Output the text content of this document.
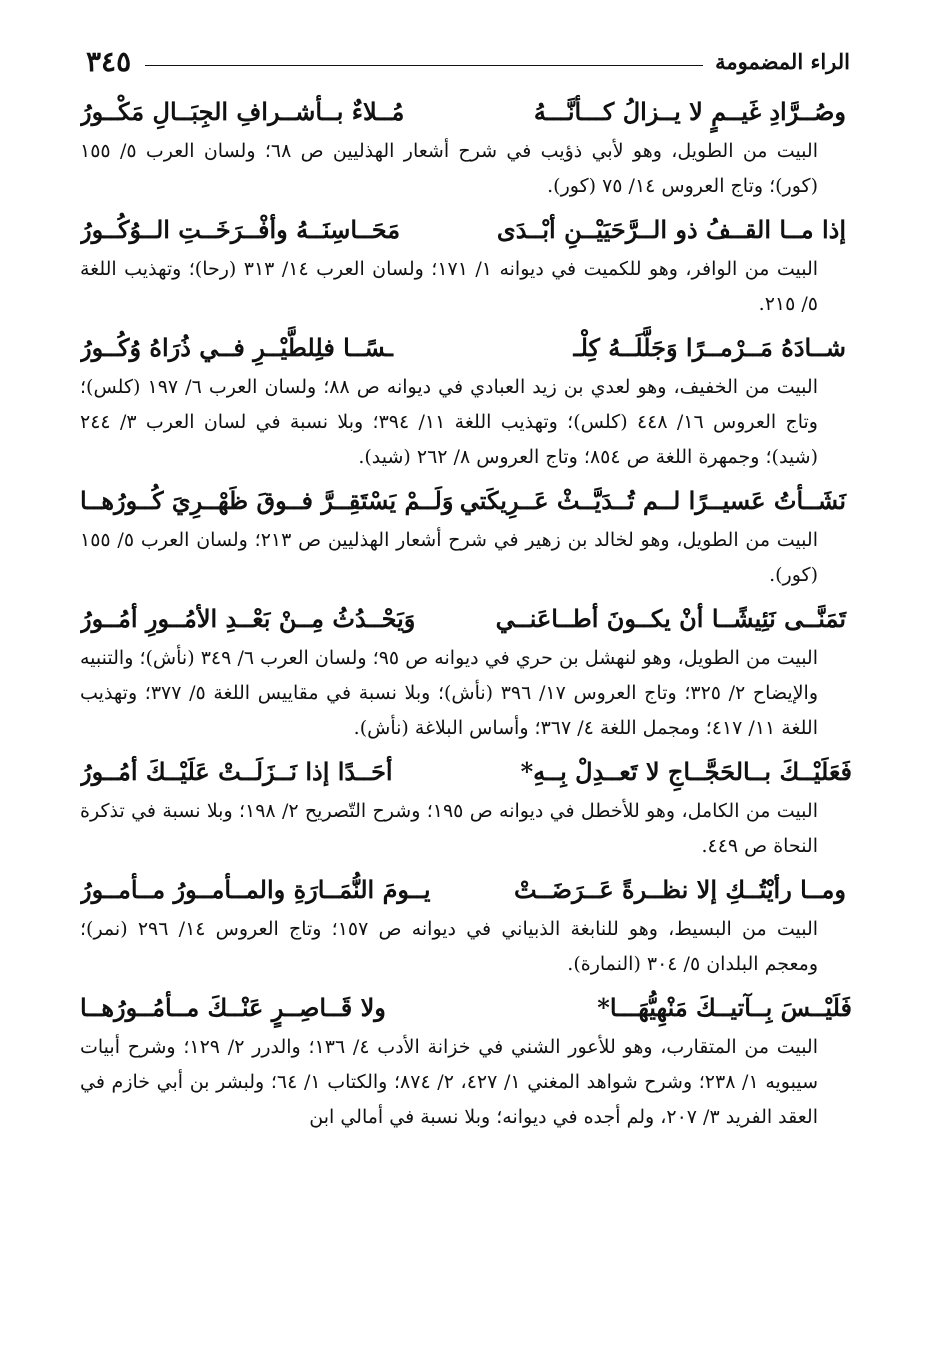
الراء المضمومة
٣٤٥
وصُــرَّادِ غَيــمٍ لا يــزالُ كـــأنَّـــهُ
مُــلاءٌ بــأشــرافِ الجِبَــالِ مَكْــورُ
البيت من الطويل، وهو لأبي ذؤيب في شرح أشعار الهذليين ص ٦٨؛ ولسان العرب ٥/ ١٥٥ (كور)؛ وتاج العروس ١٤/ ٧٥ (كور).
إذا مــا القــفُ ذو الــرَّحَيَيْــنِ أبْــدَى
مَحَــاسِنَــهُ وأفْــرَخَــتِ الــوُكُــورُ
البيت من الوافر، وهو للكميت في ديوانه ١/ ١٧١؛ ولسان العرب ١٤/ ٣١٣ (رحا)؛ وتهذيب اللغة ٥/ ٢١٥.
شــادَهُ مَــرْمــرًا وَجَلَّلَــهُ كِلْـ
ـسًــا فلِلطَّيْــرِ فــي ذُرَاهُ وُكُــورُ
البيت من الخفيف، وهو لعدي بن زيد العبادي في ديوانه ص ٨٨؛ ولسان العرب ٦/ ١٩٧ (كلس)؛ وتاج العروس ١٦/ ٤٤٨ (كلس)؛ وتهذيب اللغة ١١/ ٣٩٤؛ وبلا نسبة في لسان العرب ٣/ ٢٤٤ (شيد)؛ وجمهرة اللغة ص ٨٥٤؛ وتاج العروس ٨/ ٢٦٢ (شيد).
نَشَــأتُ عَسيــرًا لــم تُــدَيَّــثْ عَــرِيكَتي
وَلَــمْ يَسْتَقِــرَّ فــوقَ ظَهْــرِيَ كُــورُهــا
البيت من الطويل، وهو لخالد بن زهير في شرح أشعار الهذليين ص ٢١٣؛ ولسان العرب ٥/ ١٥٥ (كور).
تَمَنَّــى نَئِيشًــا أنْ يكــونَ أطــاعَنــي
وَيَحْــدُثُ مِــنْ بَعْــدِ الأمُــورِ أمُــورُ
البيت من الطويل، وهو لنهشل بن حري في ديوانه ص ٩٥؛ ولسان العرب ٦/ ٣٤٩ (نأش)؛ والتنبيه والإيضاح ٢/ ٣٢٥؛ وتاج العروس ١٧/ ٣٩٦ (نأش)؛ وبلا نسبة في مقاييس اللغة ٥/ ٣٧٧؛ وتهذيب اللغة ١١/ ٤١٧؛ ومجمل اللغة ٤/ ٣٦٧؛ وأساس البلاغة (نأش).
*فَعَلَيْــكَ بــالحَجَّــاجِ لا تَعــدِلْ بِــهِ
أحَــدًا إذا نَــزَلَــتْ عَلَيْــكَ أمُــورُ
البيت من الكامل، وهو للأخطل في ديوانه ص ١٩٥؛ وشرح التّصريح ٢/ ١٩٨؛ وبلا نسبة في تذكرة النحاة ص ٤٤٩.
ومــا رأيْتُــكِ إلا نظــرةً عَــرَضَــتْ
يــومَ النُّمَــارَةِ والمــأمــورُ مــأمــورُ
البيت من البسيط، وهو للنابغة الذبياني في ديوانه ص ١٥٧؛ وتاج العروس ١٤/ ٢٩٦ (نمر)؛ ومعجم البلدان ٥/ ٣٠٤ (النمارة).
*فَلَيْــسَ بِــآتيــكَ مَنْهِيُّهَـــا
ولا قَــاصِــرٍ عَنْــكَ مــأمُــورُهــا
البيت من المتقارب، وهو للأعور الشني في خزانة الأدب ٤/ ١٣٦؛ والدرر ٢/ ١٢٩؛ وشرح أبيات سيبويه ١/ ٢٣٨؛ وشرح شواهد المغني ١/ ٤٢٧، ٢/ ٨٧٤؛ والكتاب ١/ ٦٤؛ ولبشر بن أبي خازم في العقد الفريد ٣/ ٢٠٧، ولم أجده في ديوانه؛ وبلا نسبة في أمالي ابن
